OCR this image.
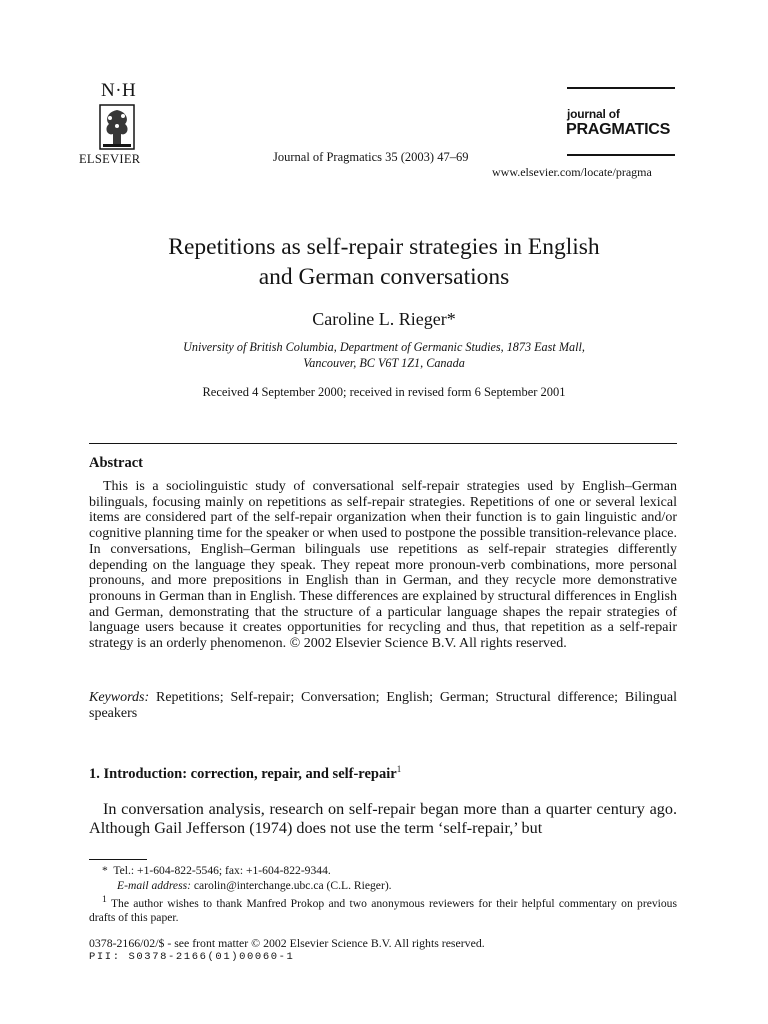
N·H
ELSEVIER	Journal of Pragmatics 35 (2003) 47–69
journal of
PRAGMATICS
www.elsevier.com/locate/pragma
Repetitions as self-repair strategies in English
and German conversations
Caroline L. Rieger*
University of British Columbia, Department of Germanic Studies, 1873 East Mall,
Vancouver, BC V6T 1Z1, Canada
Received 4 September 2000; received in revised form 6 September 2001
Abstract
This is a sociolinguistic study of conversational self-repair strategies used by English–German bilinguals, focusing mainly on repetitions as self-repair strategies. Repetitions of one or several lexical items are considered part of the self-repair organization when their function is to gain linguistic and/or cognitive planning time for the speaker or when used to postpone the possible transition-relevance place. In conversations, English–German bilinguals use repetitions as self-repair strategies differently depending on the language they speak. They repeat more pronoun-verb combinations, more personal pronouns, and more prepositions in English than in German, and they recycle more demonstrative pronouns in German than in English. These differences are explained by structural differences in English and German, demonstrating that the structure of a particular language shapes the repair strategies of language users because it creates opportunities for recycling and thus, that repetition as a self-repair strategy is an orderly phenomenon. © 2002 Elsevier Science B.V. All rights reserved.
Keywords: Repetitions; Self-repair; Conversation; English; German; Structural difference; Bilingual speakers
1. Introduction: correction, repair, and self-repair$^1$
In conversation analysis, research on self-repair began more than a quarter century ago. Although Gail Jefferson (1974) does not use the term ‘self-repair,’ but
* Tel.: +1-604-822-5546; fax: +1-604-822-9344.
E-mail address: carolin@interchange.ubc.ca (C.L. Rieger).
$^1$ The author wishes to thank Manfred Prokop and two anonymous reviewers for their helpful commentary on previous drafts of this paper.
0378-2166/02/$ - see front matter © 2002 Elsevier Science B.V. All rights reserved.
PII: S0378-2166(01)00060-1
